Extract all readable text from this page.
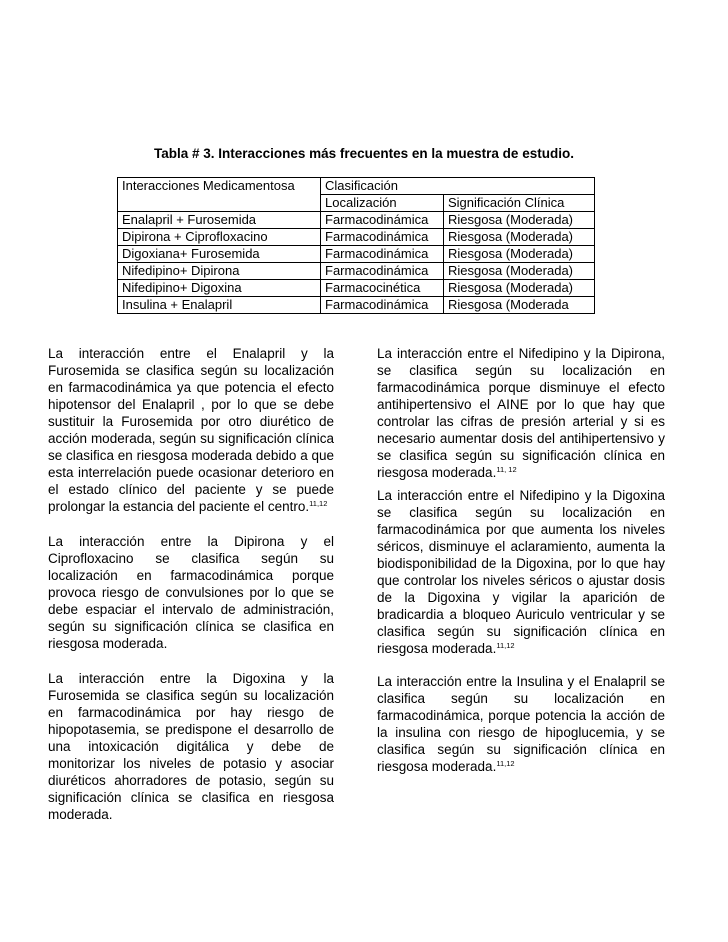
Tabla # 3. Interacciones más frecuentes en la muestra de estudio.
Interacciones Medicamentosa	Clasificación	
	Localización	Significación Clínica
Enalapril + Furosemida	Farmacodinámica	Riesgosa (Moderada)
Dipirona + Ciprofloxacino	Farmacodinámica	Riesgosa (Moderada)
Digoxiana+ Furosemida	Farmacodinámica	Riesgosa (Moderada)
Nifedipino+ Dipirona	Farmacodinámica	Riesgosa (Moderada)
Nifedipino+ Digoxina	Farmacocinética	Riesgosa (Moderada)
Insulina + Enalapril	Farmacodinámica	Riesgosa (Moderada

La interacción entre el Enalapril y la Furosemida se clasifica según su localización en farmacodinámica ya que potencia el efecto hipotensor del Enalapril , por lo que se debe sustituir la Furosemida por otro diurético de acción moderada, según su significación clínica se clasifica en riesgosa moderada debido a que esta interrelación puede ocasionar deterioro en el estado clínico del paciente y se puede prolongar la estancia del paciente el centro.$^{11,12}$

La interacción entre la Dipirona y el Ciprofloxacino se clasifica según su localización en farmacodinámica porque provoca riesgo de convulsiones por lo que se debe espaciar el intervalo de administración, según su significación clínica se clasifica en riesgosa moderada.

La interacción entre la Digoxina y la Furosemida se clasifica según su localización en farmacodinámica por hay riesgo de hipopotasemia, se predispone el desarrollo de una intoxicación digitálica y debe de monitorizar los niveles de potasio y asociar diuréticos ahorradores de potasio, según su significación clínica se clasifica en riesgosa moderada.

La interacción entre el Nifedipino y la Dipirona, se clasifica según su localización en farmacodinámica porque disminuye el efecto antihipertensivo el AINE por lo que hay que controlar las cifras de presión arterial y si es necesario aumentar dosis del antihipertensivo y se clasifica según su significación clínica en riesgosa moderada.$^{11, 12}$

La interacción entre el Nifedipino y la Digoxina se clasifica según su localización en farmacodinámica por que aumenta los niveles séricos, disminuye el aclaramiento, aumenta la biodisponibilidad de la Digoxina, por lo que hay que controlar los niveles séricos o ajustar dosis de la Digoxina y vigilar la aparición de bradicardia a bloqueo Auriculo ventricular y se clasifica según su significación clínica en riesgosa moderada.$^{11,12}$

La interacción entre la Insulina y el Enalapril se clasifica según su localización en farmacodinámica, porque potencia la acción de la insulina con riesgo de hipoglucemia, y se clasifica según su significación clínica en riesgosa moderada.$^{11,12}$
